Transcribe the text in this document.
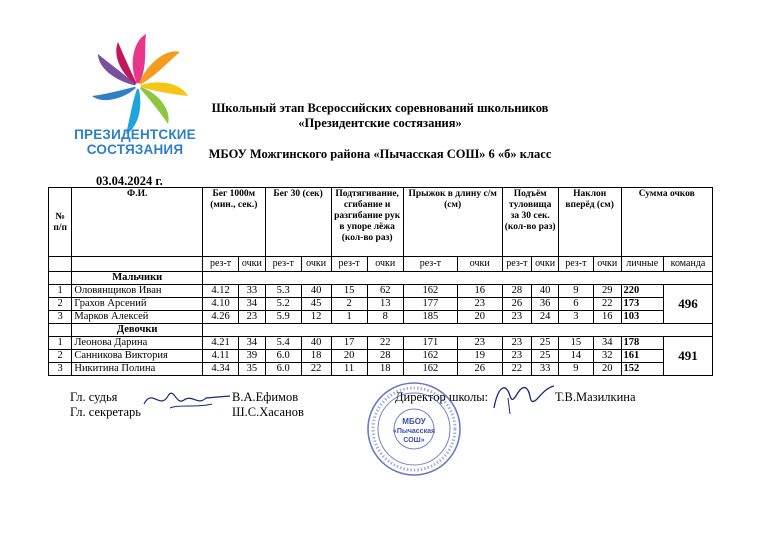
ПРЕЗИДЕНТСКИЕ
СОСТЯЗАНИЯ
Школьный этап Всероссийских соревнований школьников
«Президентские состязания»
МБОУ Можгинского района «Пычасская СОШ» 6 «б» класс
03.04.2024 г.
№ п/п	Ф.И.	Бег 1000м (мин., сек.)		Бег 30 (сек)		Подтягивание, сгибание и разгибание рук в упоре лёжа (кол-во раз)		Прыжок в длину с/м (см)		Подъём туловища за 30 сек. (кол-во раз)		Наклон вперёд (см)		Сумма очков	
		рез-т	очки	рез-т	очки	рез-т	очки	рез-т	очки	рез-т	очки	рез-т	очки	личные	команда
	Мальчики														
1	Оловянщиков Иван	4.12	33	5.3	40	15	62	162	16	28	40	9	29	220	496
2	Грахов Арсений	4.10	34	5.2	45	2	13	177	23	26	36	6	22	173	
3	Марков Алексей	4.26	23	5.9	12	1	8	185	20	23	24	3	16	103	
	Девочки														
1	Леонова Дарина	4.21	34	5.4	40	17	22	171	23	23	25	15	34	178	491
2	Санникова Виктория	4.11	39	6.0	18	20	28	162	19	23	25	14	32	161	
3	Никитина Полина	4.34	35	6.0	22	11	18	162	26	22	33	9	20	152	
Гл. судья
Гл. секретарь
В.А.Ефимов
Ш.С.Хасанов
Директор школы:	Т.В.Мазилкина
МБОУ
«Пычасская
СОШ»
